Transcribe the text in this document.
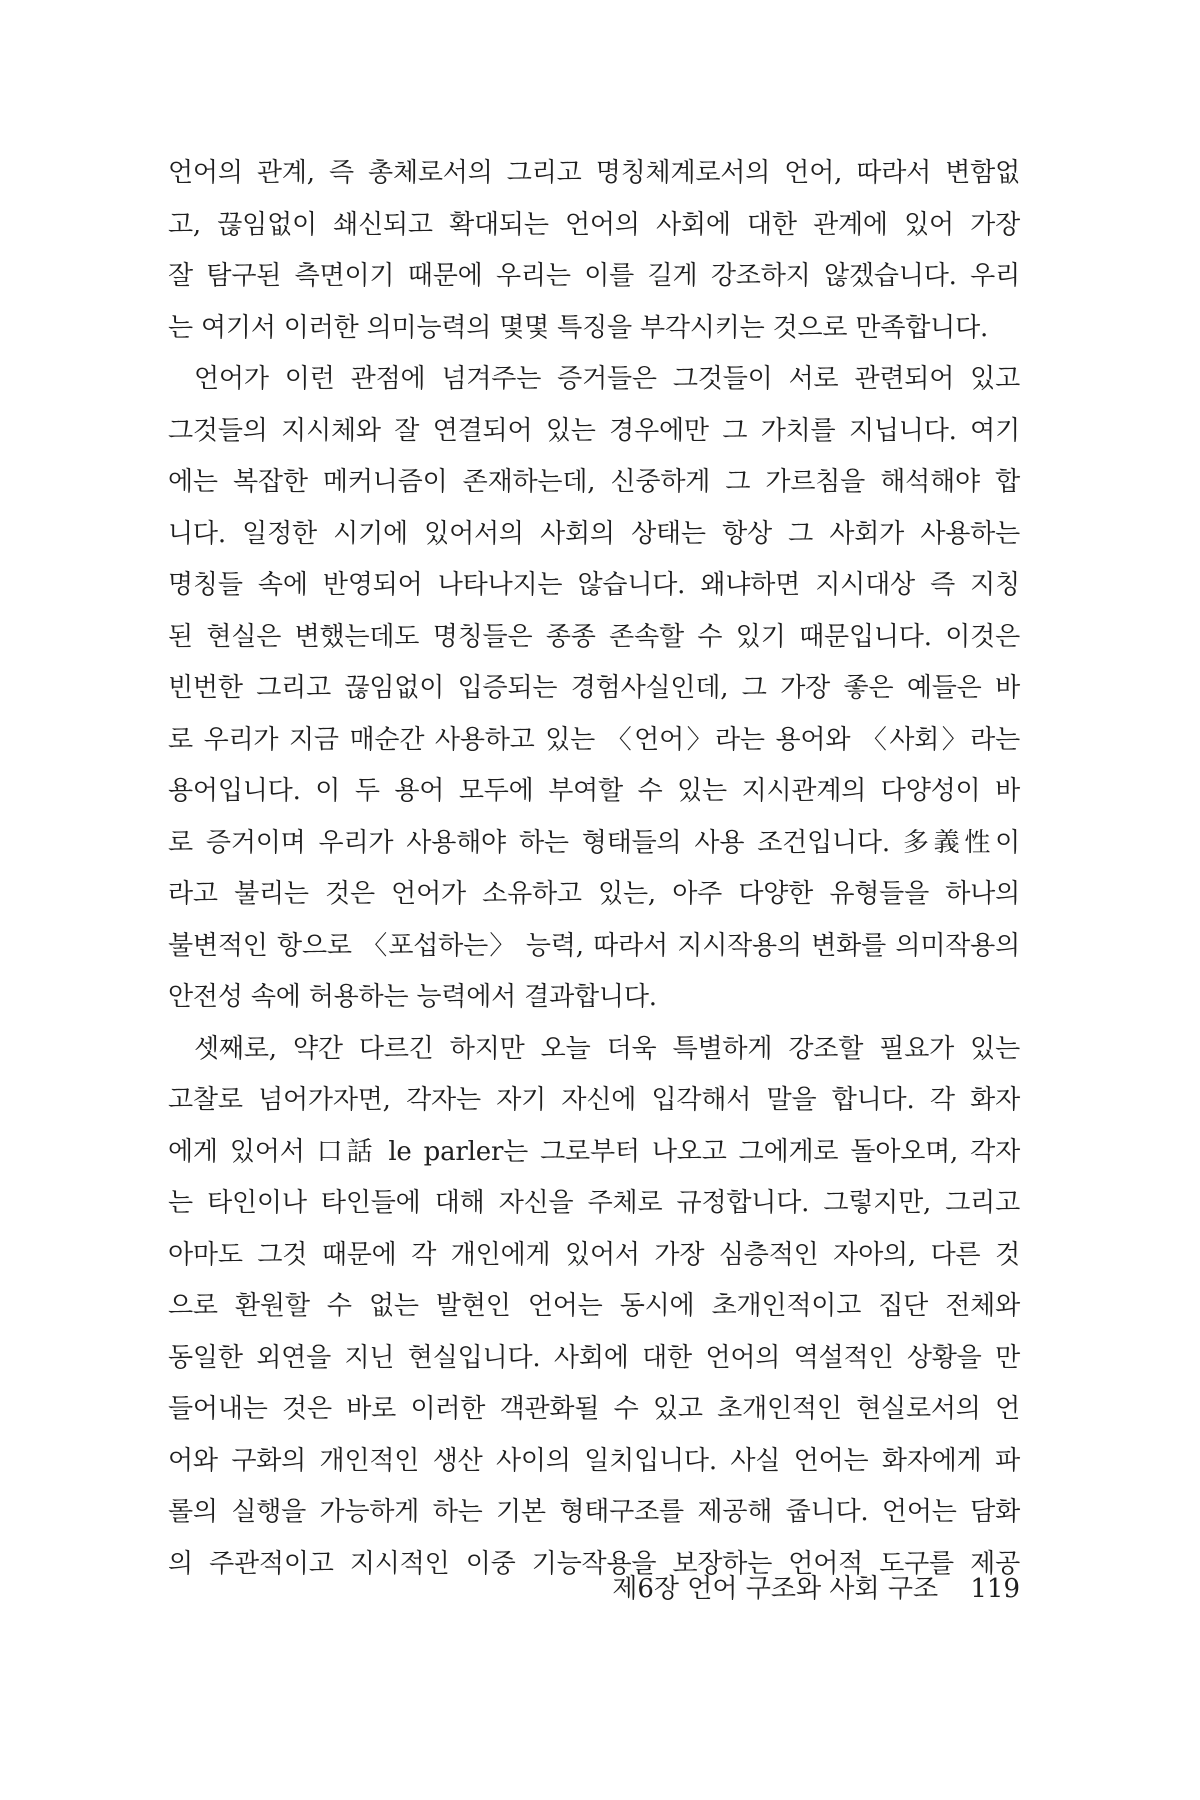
언어의 관계, 즉 총체로서의 그리고 명칭체계로서의 언어, 따라서 변함없
고, 끊임없이 쇄신되고 확대되는 언어의 사회에 대한 관계에 있어 가장
잘 탐구된 측면이기 때문에 우리는 이를 길게 강조하지 않겠습니다. 우리
는 여기서 이러한 의미능력의 몇몇 특징을 부각시키는 것으로 만족합니다.
언어가 이런 관점에 넘겨주는 증거들은 그것들이 서로 관련되어 있고
그것들의 지시체와 잘 연결되어 있는 경우에만 그 가치를 지닙니다. 여기
에는 복잡한 메커니즘이 존재하는데, 신중하게 그 가르침을 해석해야 합
니다. 일정한 시기에 있어서의 사회의 상태는 항상 그 사회가 사용하는
명칭들 속에 반영되어 나타나지는 않습니다. 왜냐하면 지시대상 즉 지칭
된 현실은 변했는데도 명칭들은 종종 존속할 수 있기 때문입니다. 이것은
빈번한 그리고 끊임없이 입증되는 경험사실인데, 그 가장 좋은 예들은 바
로 우리가 지금 매순간 사용하고 있는 〈언어〉라는 용어와 〈사회〉라는
용어입니다. 이 두 용어 모두에 부여할 수 있는 지시관계의 다양성이 바
로 증거이며 우리가 사용해야 하는 형태들의 사용 조건입니다. 多義性이
라고 불리는 것은 언어가 소유하고 있는, 아주 다양한 유형들을 하나의
불변적인 항으로 〈포섭하는〉 능력, 따라서 지시작용의 변화를 의미작용의
안전성 속에 허용하는 능력에서 결과합니다.
셋째로, 약간 다르긴 하지만 오늘 더욱 특별하게 강조할 필요가 있는
고찰로 넘어가자면, 각자는 자기 자신에 입각해서 말을 합니다. 각 화자
에게 있어서 口話 le parler는 그로부터 나오고 그에게로 돌아오며, 각자
는 타인이나 타인들에 대해 자신을 주체로 규정합니다. 그렇지만, 그리고
아마도 그것 때문에 각 개인에게 있어서 가장 심층적인 자아의, 다른 것
으로 환원할 수 없는 발현인 언어는 동시에 초개인적이고 집단 전체와
동일한 외연을 지닌 현실입니다. 사회에 대한 언어의 역설적인 상황을 만
들어내는 것은 바로 이러한 객관화될 수 있고 초개인적인 현실로서의 언
어와 구화의 개인적인 생산 사이의 일치입니다. 사실 언어는 화자에게 파
롤의 실행을 가능하게 하는 기본 형태구조를 제공해 줍니다. 언어는 담화
의 주관적이고 지시적인 이중 기능작용을 보장하는 언어적 도구를 제공
제6장 언어 구조와 사회 구조 119
